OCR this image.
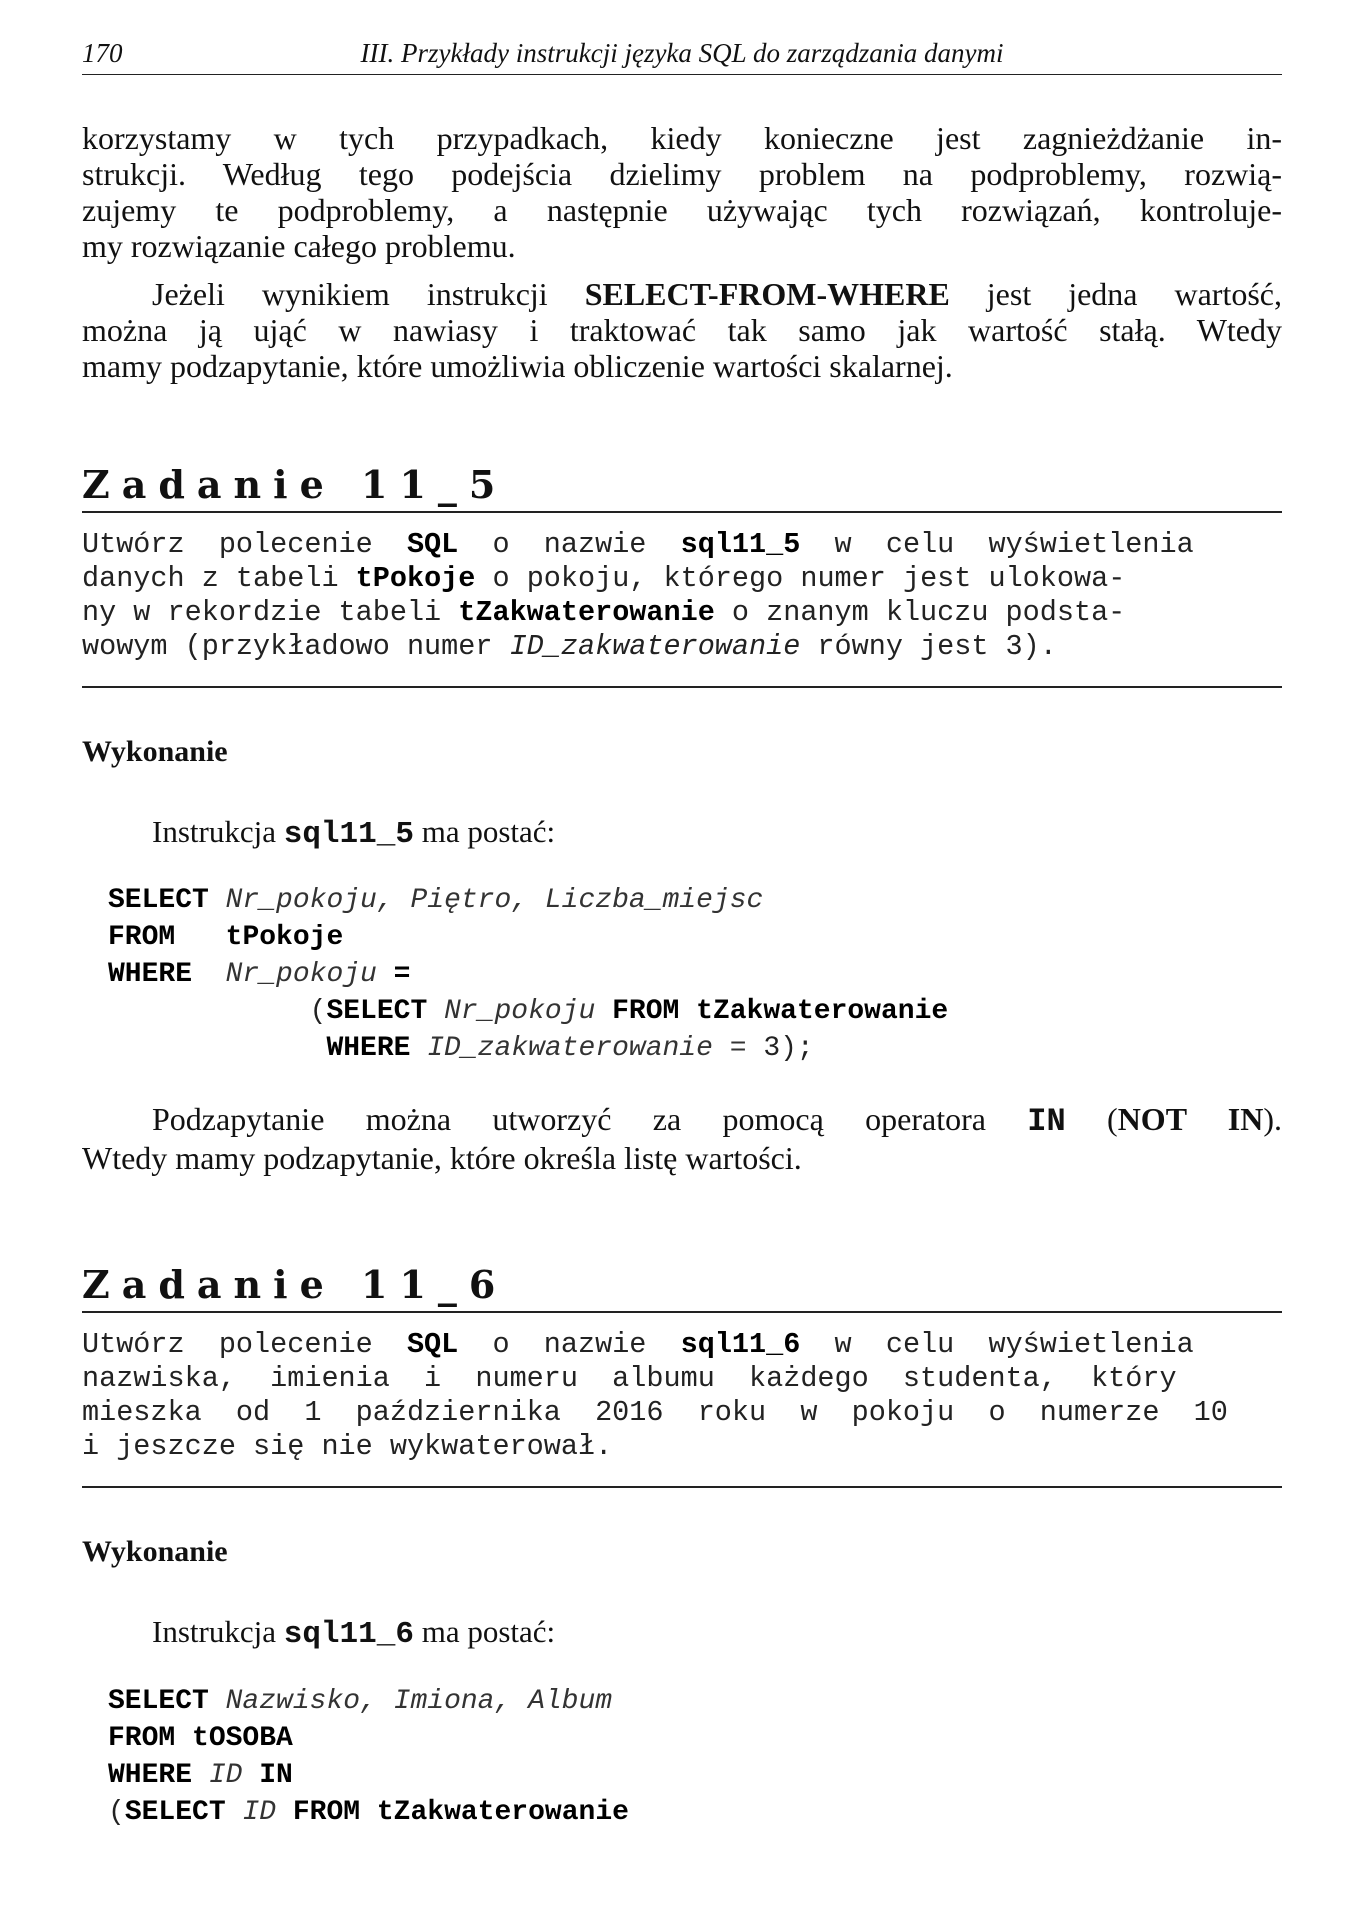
170	III. Przykłady instrukcji języka SQL do zarządzania danymi
korzystamy w tych przypadkach, kiedy konieczne jest zagnieżdżanie in-
strukcji. Według tego podejścia dzielimy problem na podproblemy, rozwią-
zujemy te podproblemy, a następnie używając tych rozwiązań, kontroluje-
my rozwiązanie całego problemu.
Jeżeli wynikiem instrukcji SELECT-FROM-WHERE jest jedna wartość,
można ją ująć w nawiasy i traktować tak samo jak wartość stałą. Wtedy
mamy podzapytanie, które umożliwia obliczenie wartości skalarnej.
Zadanie 11_5
Utwórz  polecenie  SQL  o  nazwie  sql11_5  w  celu  wyświetlenia
danych z tabeli tPokoje o pokoju, którego numer jest ulokowa-
ny w rekordzie tabeli tZakwaterowanie o znanym kluczu podsta-
wowym (przykładowo numer ID_zakwaterowanie równy jest 3).
Wykonanie
Instrukcja sql11_5 ma postać:
SELECT Nr_pokoju, Piętro, Liczba_miejsc
FROM tPokoje
WHERE Nr_pokoju =
(SELECT Nr_pokoju FROM tZakwaterowanie
WHERE ID_zakwaterowanie = 3);
Podzapytanie można utworzyć za pomocą operatora IN (NOT IN).
Wtedy mamy podzapytanie, które określa listę wartości.
Zadanie 11_6
Utwórz  polecenie  SQL  o  nazwie  sql11_6  w  celu  wyświetlenia
nazwiska,  imienia  i  numeru  albumu  każdego  studenta,  który
mieszka  od  1  października  2016  roku  w  pokoju  o  numerze  10
i jeszcze się nie wykwaterował.
Wykonanie
Instrukcja sql11_6 ma postać:
SELECT Nazwisko, Imiona, Album
FROM tOSOBA
WHERE ID IN
(SELECT ID FROM tZakwaterowanie
